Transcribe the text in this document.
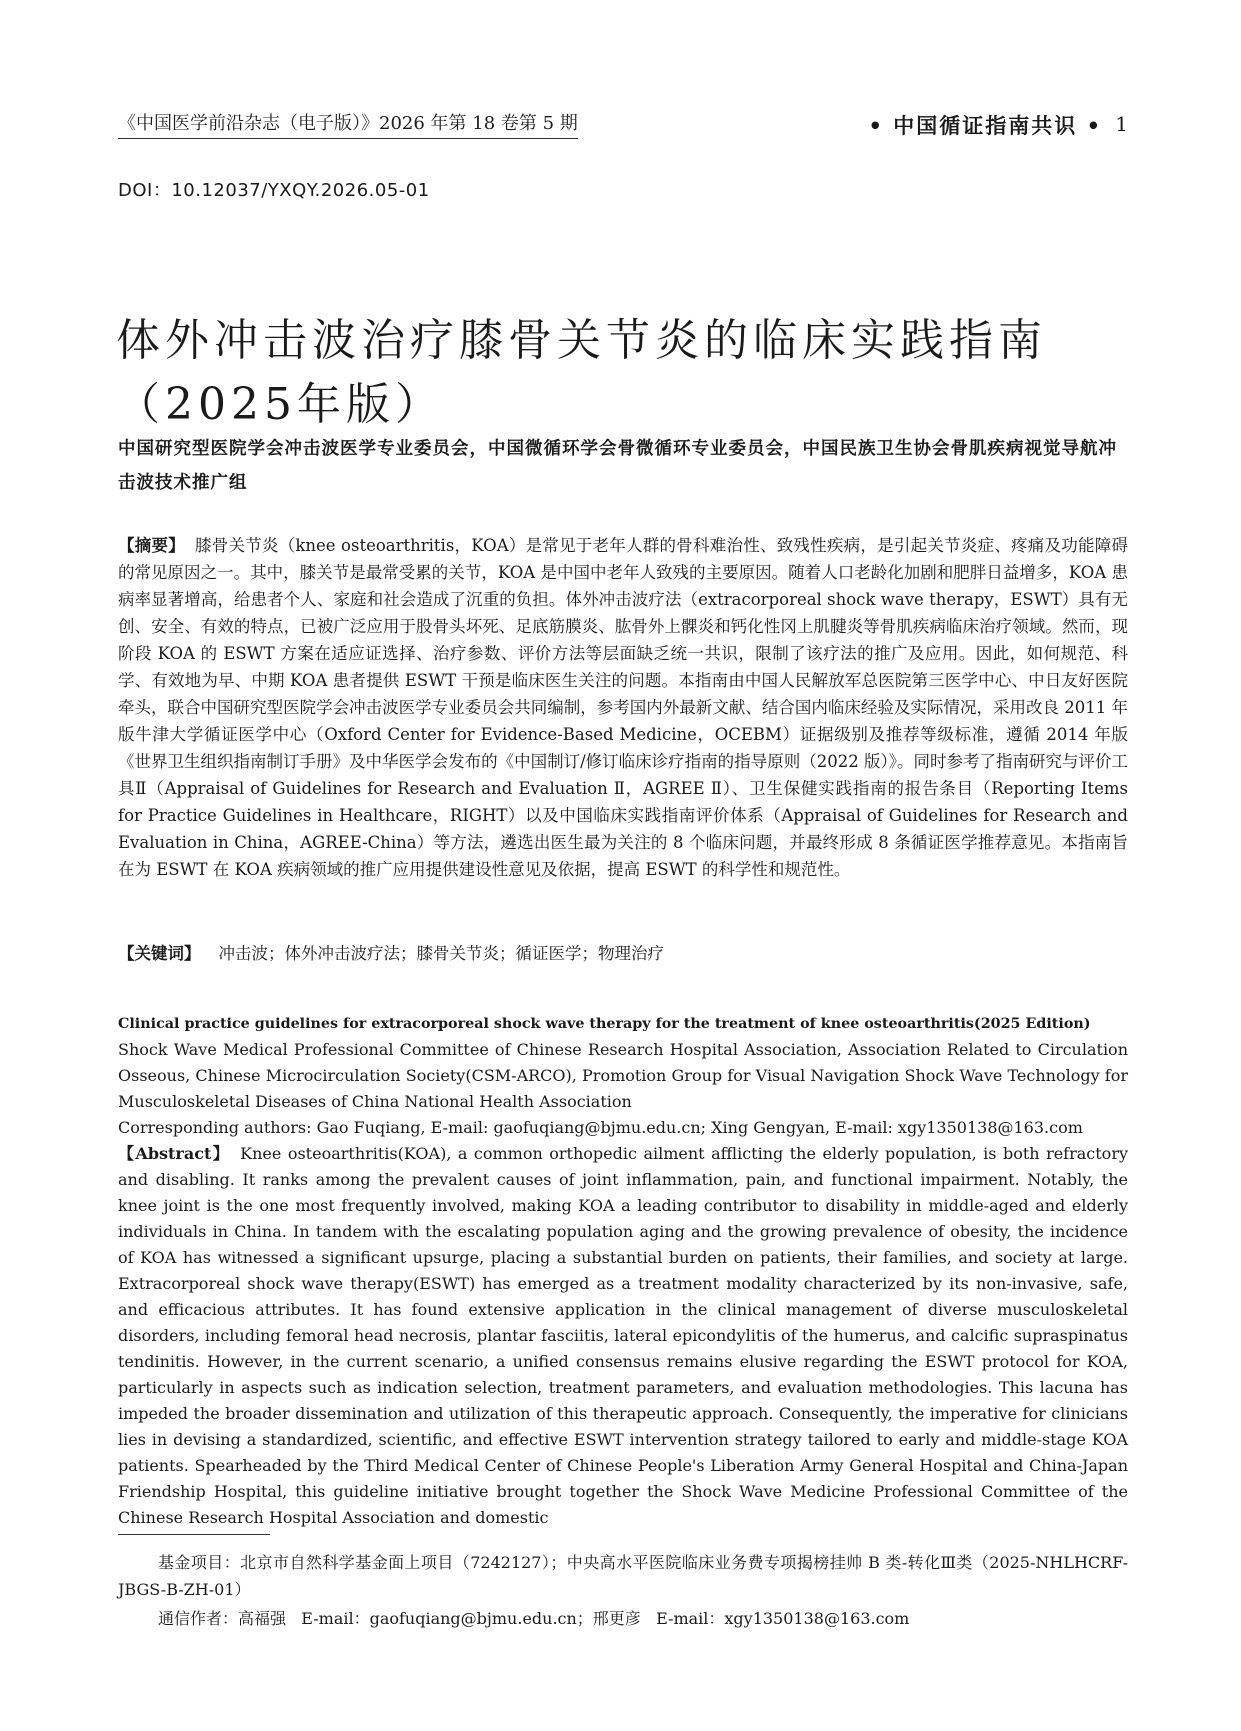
《中国医学前沿杂志（电子版）》2026 年第 18 卷第 5 期	• 中国循证指南共识 • 1
DOI：10.12037/YXQY.2026.05-01
体外冲击波治疗膝骨关节炎的临床实践指南
（2025年版）
中国研究型医院学会冲击波医学专业委员会，中国微循环学会骨微循环专业委员会，中国民族卫生协会骨肌疾病视觉导航冲击波技术推广组
【摘要】 膝骨关节炎（knee osteoarthritis，KOA）是常见于老年人群的骨科难治性、致残性疾病，是引起关节炎症、疼痛及功能障碍的常见原因之一。其中，膝关节是最常受累的关节，KOA 是中国中老年人致残的主要原因。随着人口老龄化加剧和肥胖日益增多，KOA 患病率显著增高，给患者个人、家庭和社会造成了沉重的负担。体外冲击波疗法（extracorporeal shock wave therapy，ESWT）具有无创、安全、有效的特点，已被广泛应用于股骨头坏死、足底筋膜炎、肱骨外上髁炎和钙化性冈上肌腱炎等骨肌疾病临床治疗领域。然而，现阶段 KOA 的 ESWT 方案在适应证选择、治疗参数、评价方法等层面缺乏统一共识，限制了该疗法的推广及应用。因此，如何规范、科学、有效地为早、中期 KOA 患者提供 ESWT 干预是临床医生关注的问题。本指南由中国人民解放军总医院第三医学中心、中日友好医院牵头，联合中国研究型医院学会冲击波医学专业委员会共同编制，参考国内外最新文献、结合国内临床经验及实际情况，采用改良 2011 年版牛津大学循证医学中心（Oxford Center for Evidence-Based Medicine，OCEBM）证据级别及推荐等级标准，遵循 2014 年版《世界卫生组织指南制订手册》及中华医学会发布的《中国制订/修订临床诊疗指南的指导原则（2022 版）》。同时参考了指南研究与评价工具Ⅱ（Appraisal of Guidelines for Research and Evaluation Ⅱ，AGREE Ⅱ）、卫生保健实践指南的报告条目（Reporting Items for Practice Guidelines in Healthcare，RIGHT）以及中国临床实践指南评价体系（Appraisal of Guidelines for Research and Evaluation in China，AGREE-China）等方法，遴选出医生最为关注的 8 个临床问题，并最终形成 8 条循证医学推荐意见。本指南旨在为 ESWT 在 KOA 疾病领域的推广应用提供建设性意见及依据，提高 ESWT 的科学性和规范性。
【关键词】 冲击波；体外冲击波疗法；膝骨关节炎；循证医学；物理治疗
Clinical practice guidelines for extracorporeal shock wave therapy for the treatment of knee osteoarthritis(2025 Edition)
Shock Wave Medical Professional Committee of Chinese Research Hospital Association, Association Related to Circulation Osseous, Chinese Microcirculation Society(CSM-ARCO), Promotion Group for Visual Navigation Shock Wave Technology for Musculoskeletal Diseases of China National Health Association
Corresponding authors: Gao Fuqiang, E-mail: gaofuqiang@bjmu.edu.cn; Xing Gengyan, E-mail: xgy1350138@163.com
【Abstract】 Knee osteoarthritis(KOA), a common orthopedic ailment afflicting the elderly population, is both refractory and disabling. It ranks among the prevalent causes of joint inflammation, pain, and functional impairment. Notably, the knee joint is the one most frequently involved, making KOA a leading contributor to disability in middle-aged and elderly individuals in China. In tandem with the escalating population aging and the growing prevalence of obesity, the incidence of KOA has witnessed a significant upsurge, placing a substantial burden on patients, their families, and society at large. Extracorporeal shock wave therapy(ESWT) has emerged as a treatment modality characterized by its non-invasive, safe, and efficacious attributes. It has found extensive application in the clinical management of diverse musculoskeletal disorders, including femoral head necrosis, plantar fasciitis, lateral epicondylitis of the humerus, and calcific supraspinatus tendinitis. However, in the current scenario, a unified consensus remains elusive regarding the ESWT protocol for KOA, particularly in aspects such as indication selection, treatment parameters, and evaluation methodologies. This lacuna has impeded the broader dissemination and utilization of this therapeutic approach. Consequently, the imperative for clinicians lies in devising a standardized, scientific, and effective ESWT intervention strategy tailored to early and middle-stage KOA patients. Spearheaded by the Third Medical Center of Chinese People's Liberation Army General Hospital and China-Japan Friendship Hospital, this guideline initiative brought together the Shock Wave Medicine Professional Committee of the Chinese Research Hospital Association and domestic
基金项目：北京市自然科学基金面上项目（7242127）；中央高水平医院临床业务费专项揭榜挂帅 B 类-转化Ⅲ类（2025-NHLHCRF-JBGS-B-ZH-01）
通信作者：高福强   E-mail：gaofuqiang@bjmu.edu.cn；邢更彦   E-mail：xgy1350138@163.com
